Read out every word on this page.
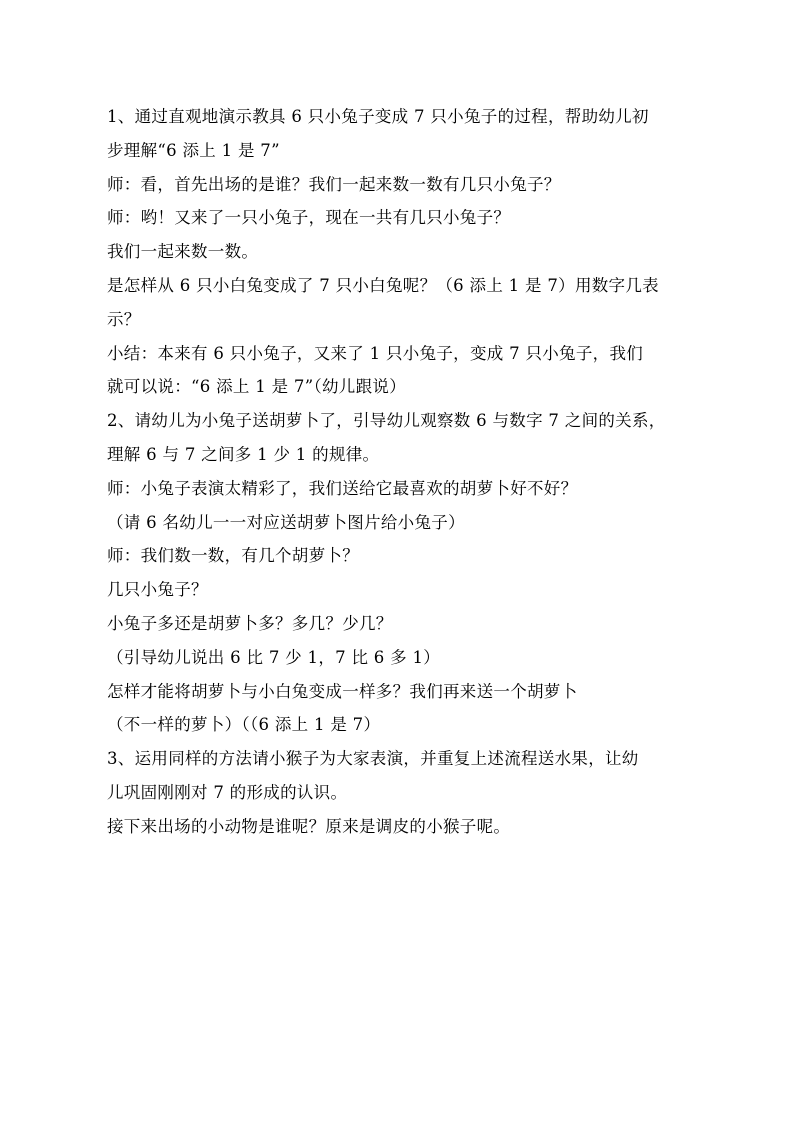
1、通过直观地演示教具 6 只小兔子变成 7 只小兔子的过程，帮助幼儿初
步理解“6 添上 1 是 7”
师：看，首先出场的是谁？我们一起来数一数有几只小兔子？
师：哟！又来了一只小兔子，现在一共有几只小兔子？
我们一起来数一数。
是怎样从 6 只小白兔变成了 7 只小白兔呢？（6 添上 1 是 7）用数字几表
示？
小结：本来有 6 只小兔子，又来了 1 只小兔子，变成 7 只小兔子，我们
就可以说：“6 添上 1 是 7”（幼儿跟说）
2、请幼儿为小兔子送胡萝卜了，引导幼儿观察数 6 与数字 7 之间的关系，
理解 6 与 7 之间多 1 少 1 的规律。
师：小兔子表演太精彩了，我们送给它最喜欢的胡萝卜好不好？
（请 6 名幼儿一一对应送胡萝卜图片给小兔子）
师：我们数一数，有几个胡萝卜？
几只小兔子？
小兔子多还是胡萝卜多？多几？少几？
（引导幼儿说出 6 比 7 少 1，7 比 6 多 1）
怎样才能将胡萝卜与小白兔变成一样多？我们再来送一个胡萝卜
（不一样的萝卜）（（6 添上 1 是 7）
3、运用同样的方法请小猴子为大家表演，并重复上述流程送水果，让幼
儿巩固刚刚对 7 的形成的认识。
接下来出场的小动物是谁呢？原来是调皮的小猴子呢。
